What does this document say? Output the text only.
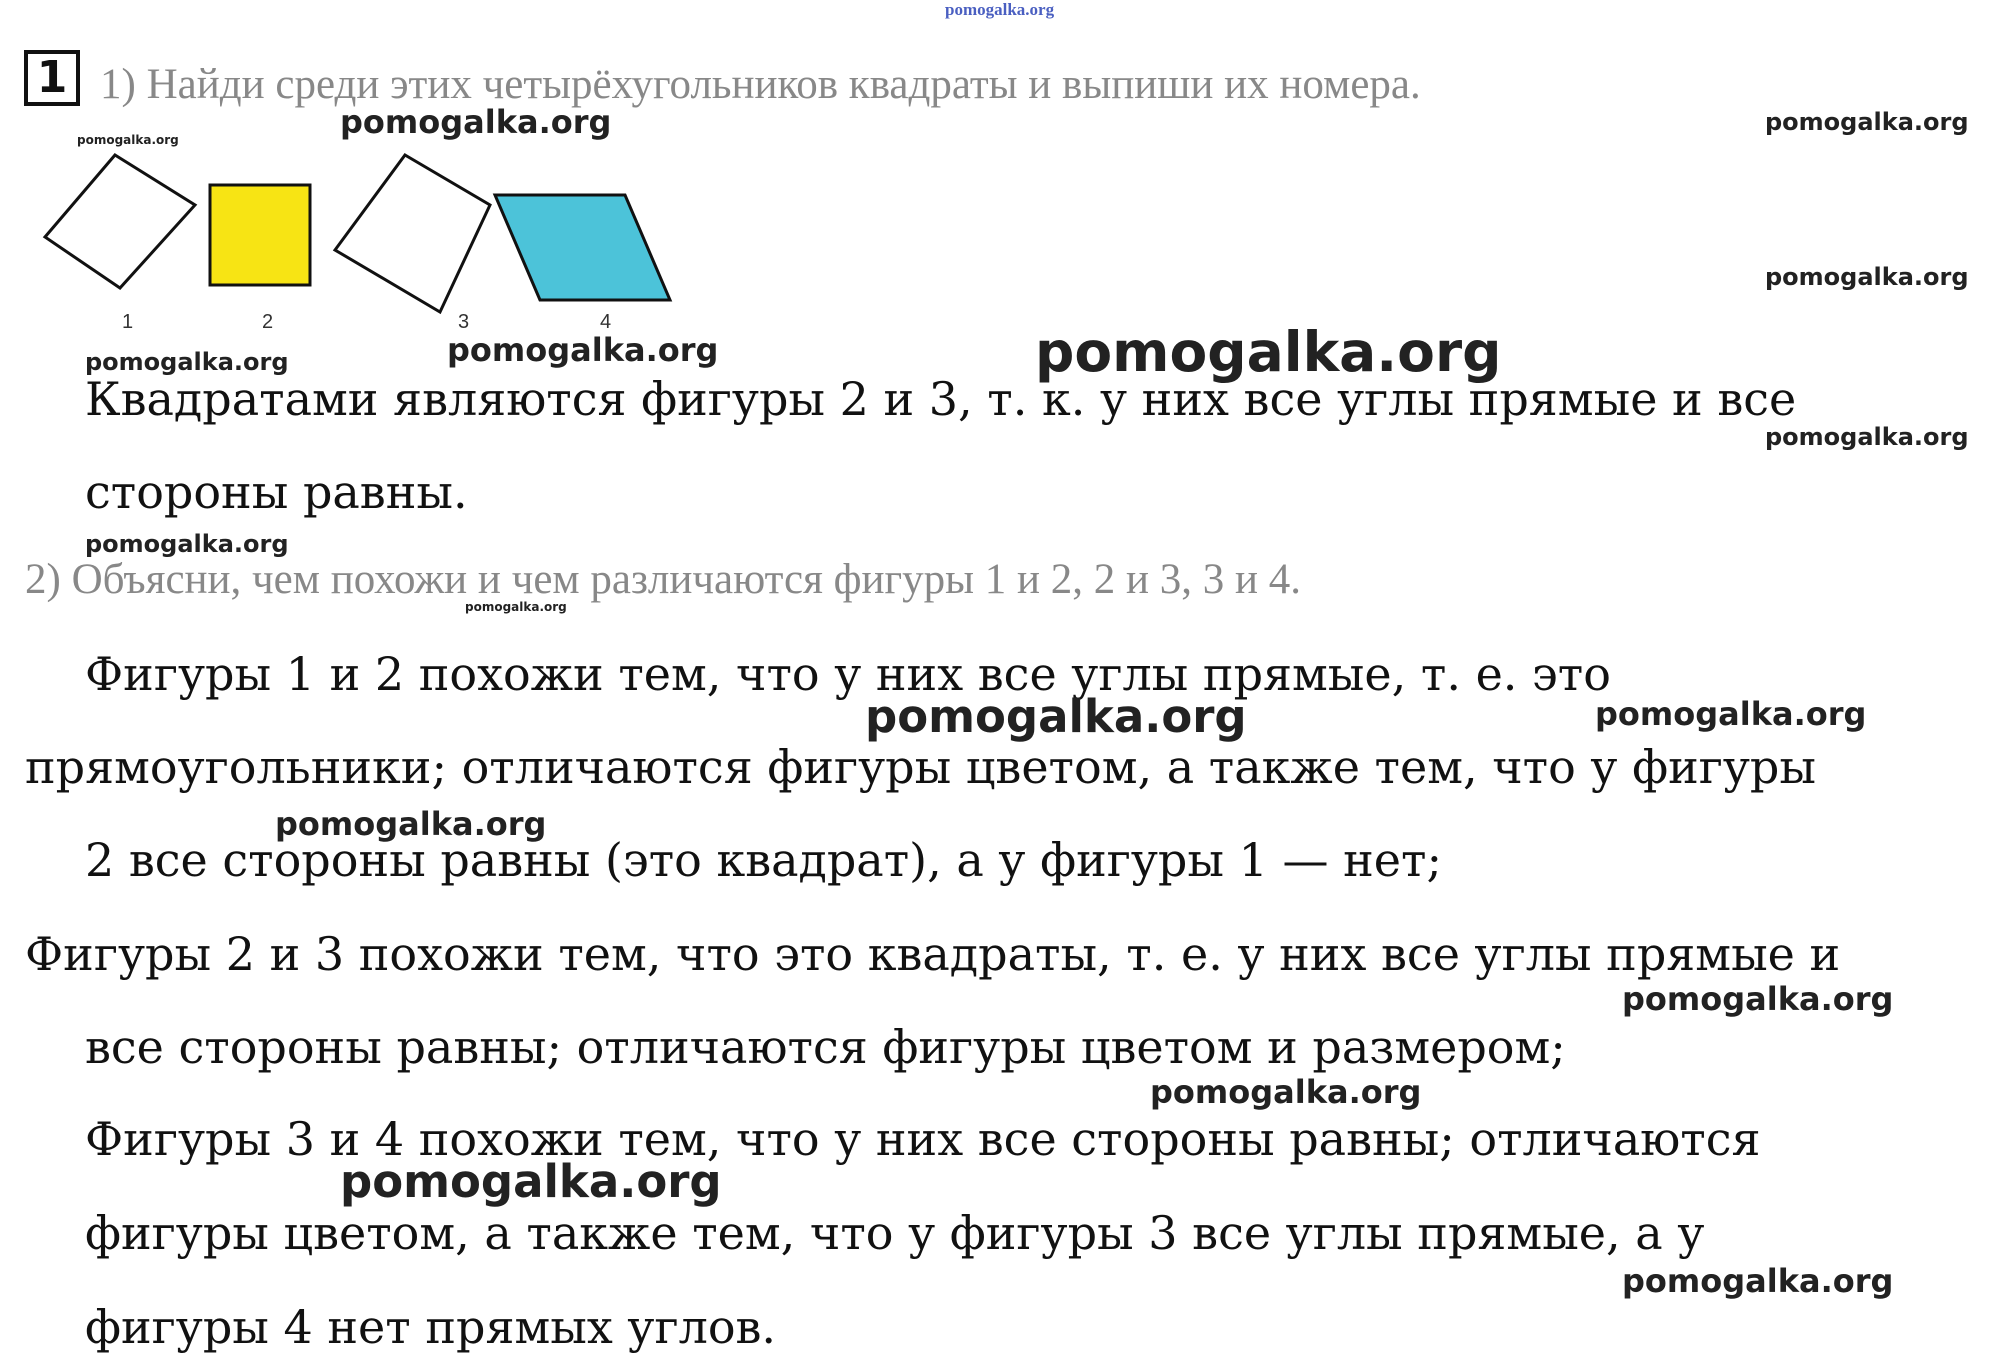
pomogalka.org
1 1) Найди среди этих четырёхугольников квадраты и выпиши их номера.
pomogalka.org	pomogalka.org
pomogalka.org
1	2	3	4
pomogalka.org
pomogalka.org	pomogalka.org	pomogalka.org
Квадратами являются фигуры 2 и 3, т. к. у них все углы прямые и все
pomogalka.org
стороны равны.
pomogalka.org
2) Объясни, чем похожи и чем различаются фигуры 1 и 2, 2 и 3, 3 и 4.
pomogalka.org
Фигуры 1 и 2 похожи тем, что у них все углы прямые, т. е. это
pomogalka.org	pomogalka.org
прямоугольники; отличаются фигуры цветом, а также тем, что у фигуры
pomogalka.org
2 все стороны равны (это квадрат), а у фигуры 1 — нет;
Фигуры 2 и 3 похожи тем, что это квадраты, т. е. у них все углы прямые и
pomogalka.org
все стороны равны; отличаются фигуры цветом и размером;
pomogalka.org
Фигуры 3 и 4 похожи тем, что у них все стороны равны; отличаются
pomogalka.org
фигуры цветом, а также тем, что у фигуры 3 все углы прямые, а у
pomogalka.org
фигуры 4 нет прямых углов.
